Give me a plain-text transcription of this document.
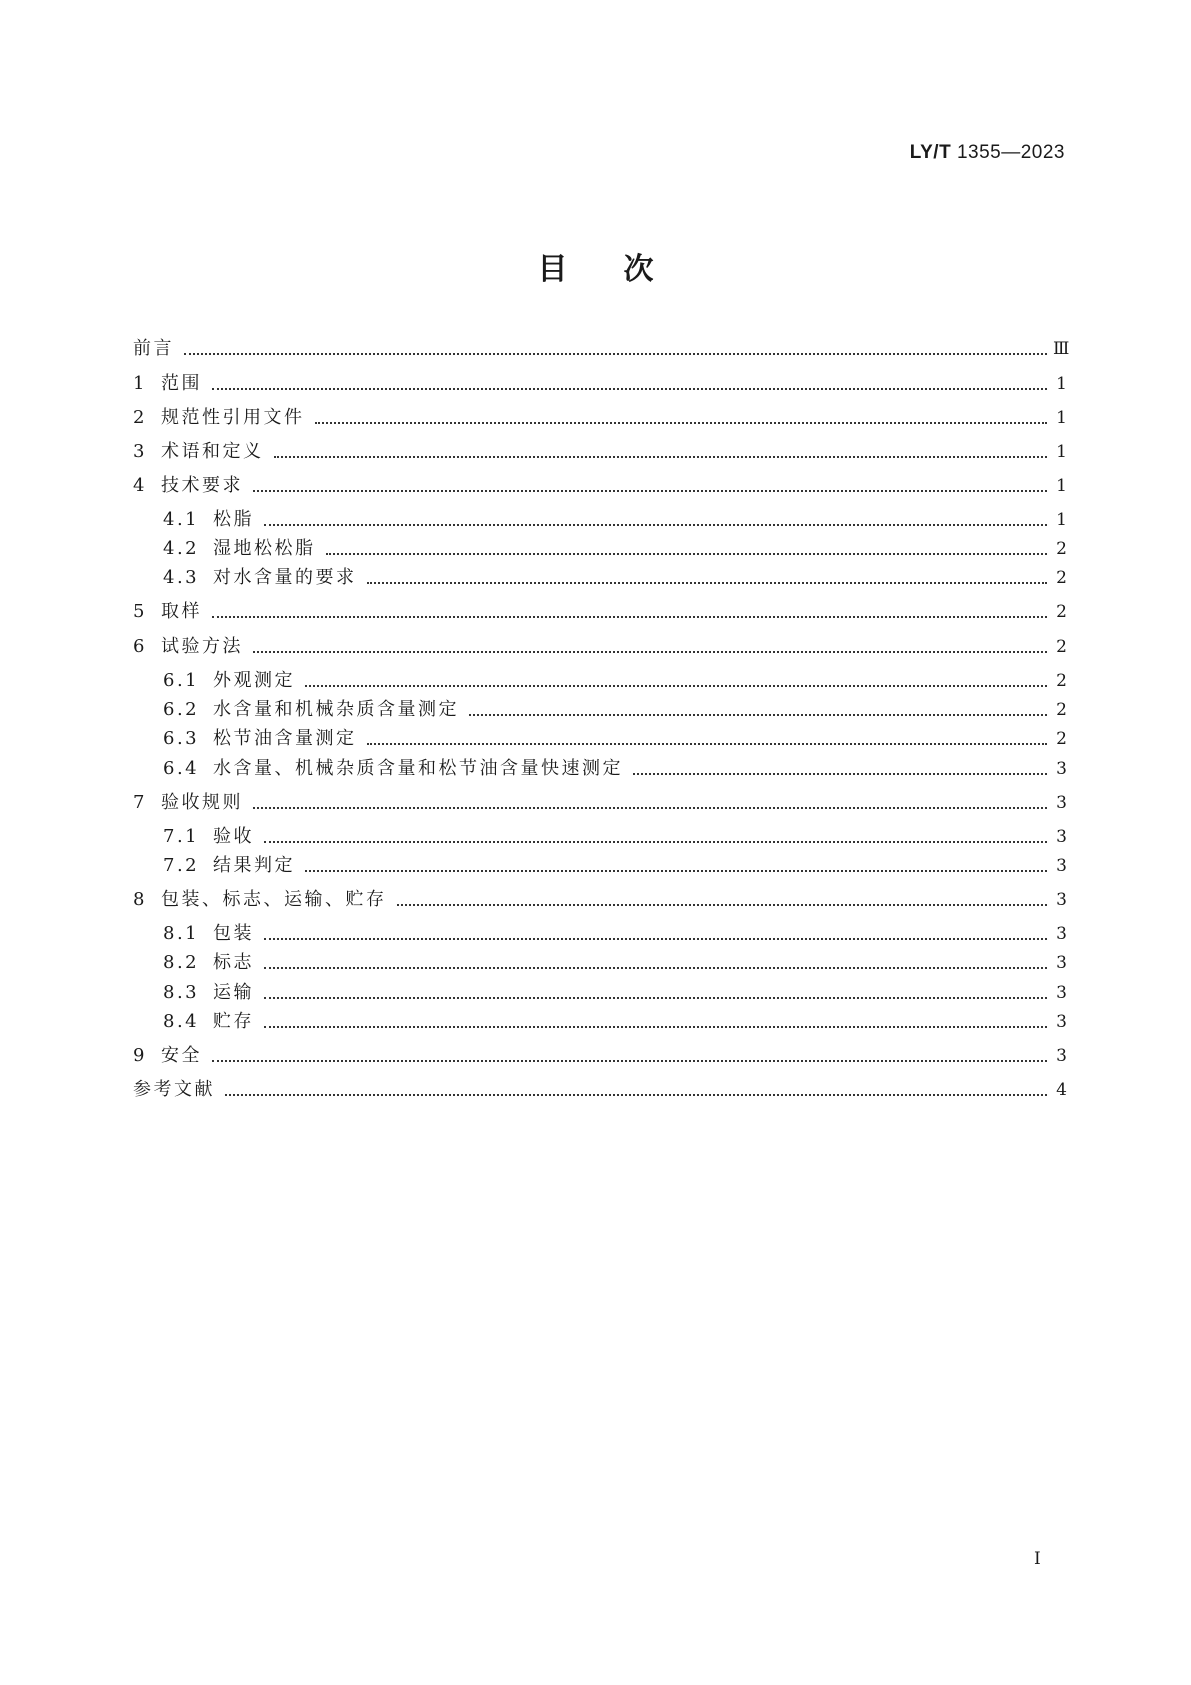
LY/T 1355—2023
目次
前言	Ⅲ
1 范围	1
2 规范性引用文件	1
3 术语和定义	1
4 技术要求	1
4.1 松脂	1
4.2 湿地松松脂	2
4.3 对水含量的要求	2
5 取样	2
6 试验方法	2
6.1 外观测定	2
6.2 水含量和机械杂质含量测定	2
6.3 松节油含量测定	2
6.4 水含量、机械杂质含量和松节油含量快速测定	3
7 验收规则	3
7.1 验收	3
7.2 结果判定	3
8 包装、标志、运输、贮存	3
8.1 包装	3
8.2 标志	3
8.3 运输	3
8.4 贮存	3
9 安全	3
参考文献	4
Ⅰ
